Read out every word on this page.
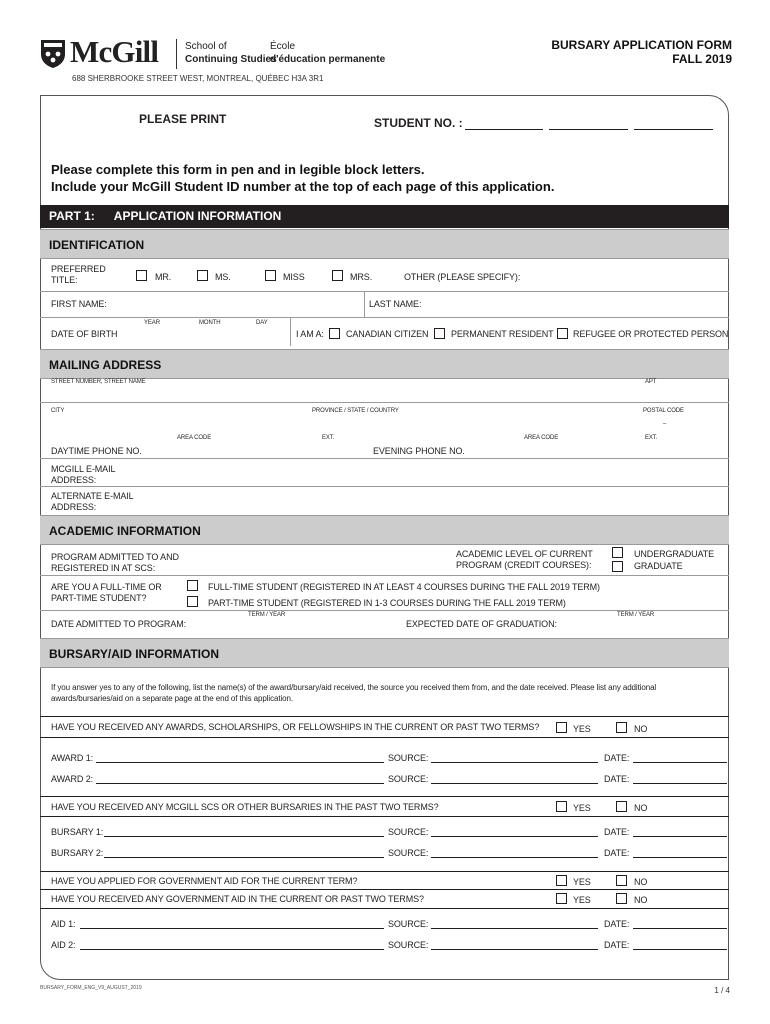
McGill	School of
Continuing Studies
École
d'éducation permanente
BURSARY APPLICATION FORM
FALL 2019
688 SHERBROOKE STREET WEST, MONTREAL, QUÉBEC H3A 3R1
PLEASE PRINT	STUDENT NO. :
Please complete this form in pen and in legible block letters.
Include your McGill Student ID number at the top of each page of this application.
PART 1: APPLICATION INFORMATION
IDENTIFICATION
PREFERRED
TITLE:	MR.	MS.	MISS	MRS.	OTHER (PLEASE SPECIFY):
FIRST NAME:	LAST NAME:
YEAR	MONTH	DAY
DATE OF BIRTH	I AM A: CANADIAN CITIZEN	PERMANENT RESIDENT REFUGEE OR PROTECTED PERSON
MAILING ADDRESS
STREET NUMBER, STREET NAME	APT
CITY	PROVINCE / STATE / COUNTRY	POSTAL CODE
–
AREA CODE	EXT.	AREA CODE	EXT.
DAYTIME PHONE NO.	EVENING PHONE NO.
MCGILL E-MAIL
ADDRESS:
ALTERNATE E-MAIL
ADDRESS:
ACADEMIC INFORMATION
PROGRAM ADMITTED TO AND
REGISTERED IN AT SCS:
ACADEMIC LEVEL OF CURRENT
PROGRAM (CREDIT COURSES):
UNDERGRADUATE
GRADUATE
ARE YOU A FULL-TIME OR
PART-TIME STUDENT?
FULL-TIME STUDENT (REGISTERED IN AT LEAST 4 COURSES DURING THE FALL 2019 TERM)
PART-TIME STUDENT (REGISTERED IN 1-3 COURSES DURING THE FALL 2019 TERM)
TERM / YEAR	TERM / YEAR
DATE ADMITTED TO PROGRAM:	EXPECTED DATE OF GRADUATION:
BURSARY/AID INFORMATION
If you answer yes to any of the following, list the name(s) of the award/bursary/aid received, the source you received them from, and the date received. Please list any additional
awards/bursaries/aid on a separate page at the end of this application.
HAVE YOU RECEIVED ANY AWARDS, SCHOLARSHIPS, OR FELLOWSHIPS IN THE CURRENT OR PAST TWO TERMS?	YES	NO
AWARD 1:	SOURCE:	DATE:
AWARD 2:	SOURCE:	DATE:
HAVE YOU RECEIVED ANY MCGILL SCS OR OTHER BURSARIES IN THE PAST TWO TERMS?	YES	NO
BURSARY 1:	SOURCE:	DATE:
BURSARY 2:	SOURCE:	DATE:
HAVE YOU APPLIED FOR GOVERNMENT AID FOR THE CURRENT TERM?	YES	NO
HAVE YOU RECEIVED ANY GOVERNMENT AID IN THE CURRENT OR PAST TWO TERMS?	YES	NO
AID 1:	SOURCE:	DATE:
AID 2:	SOURCE:	DATE:
BURSARY_FORM_ENG_V9_AUGUST_2019	1 / 4
